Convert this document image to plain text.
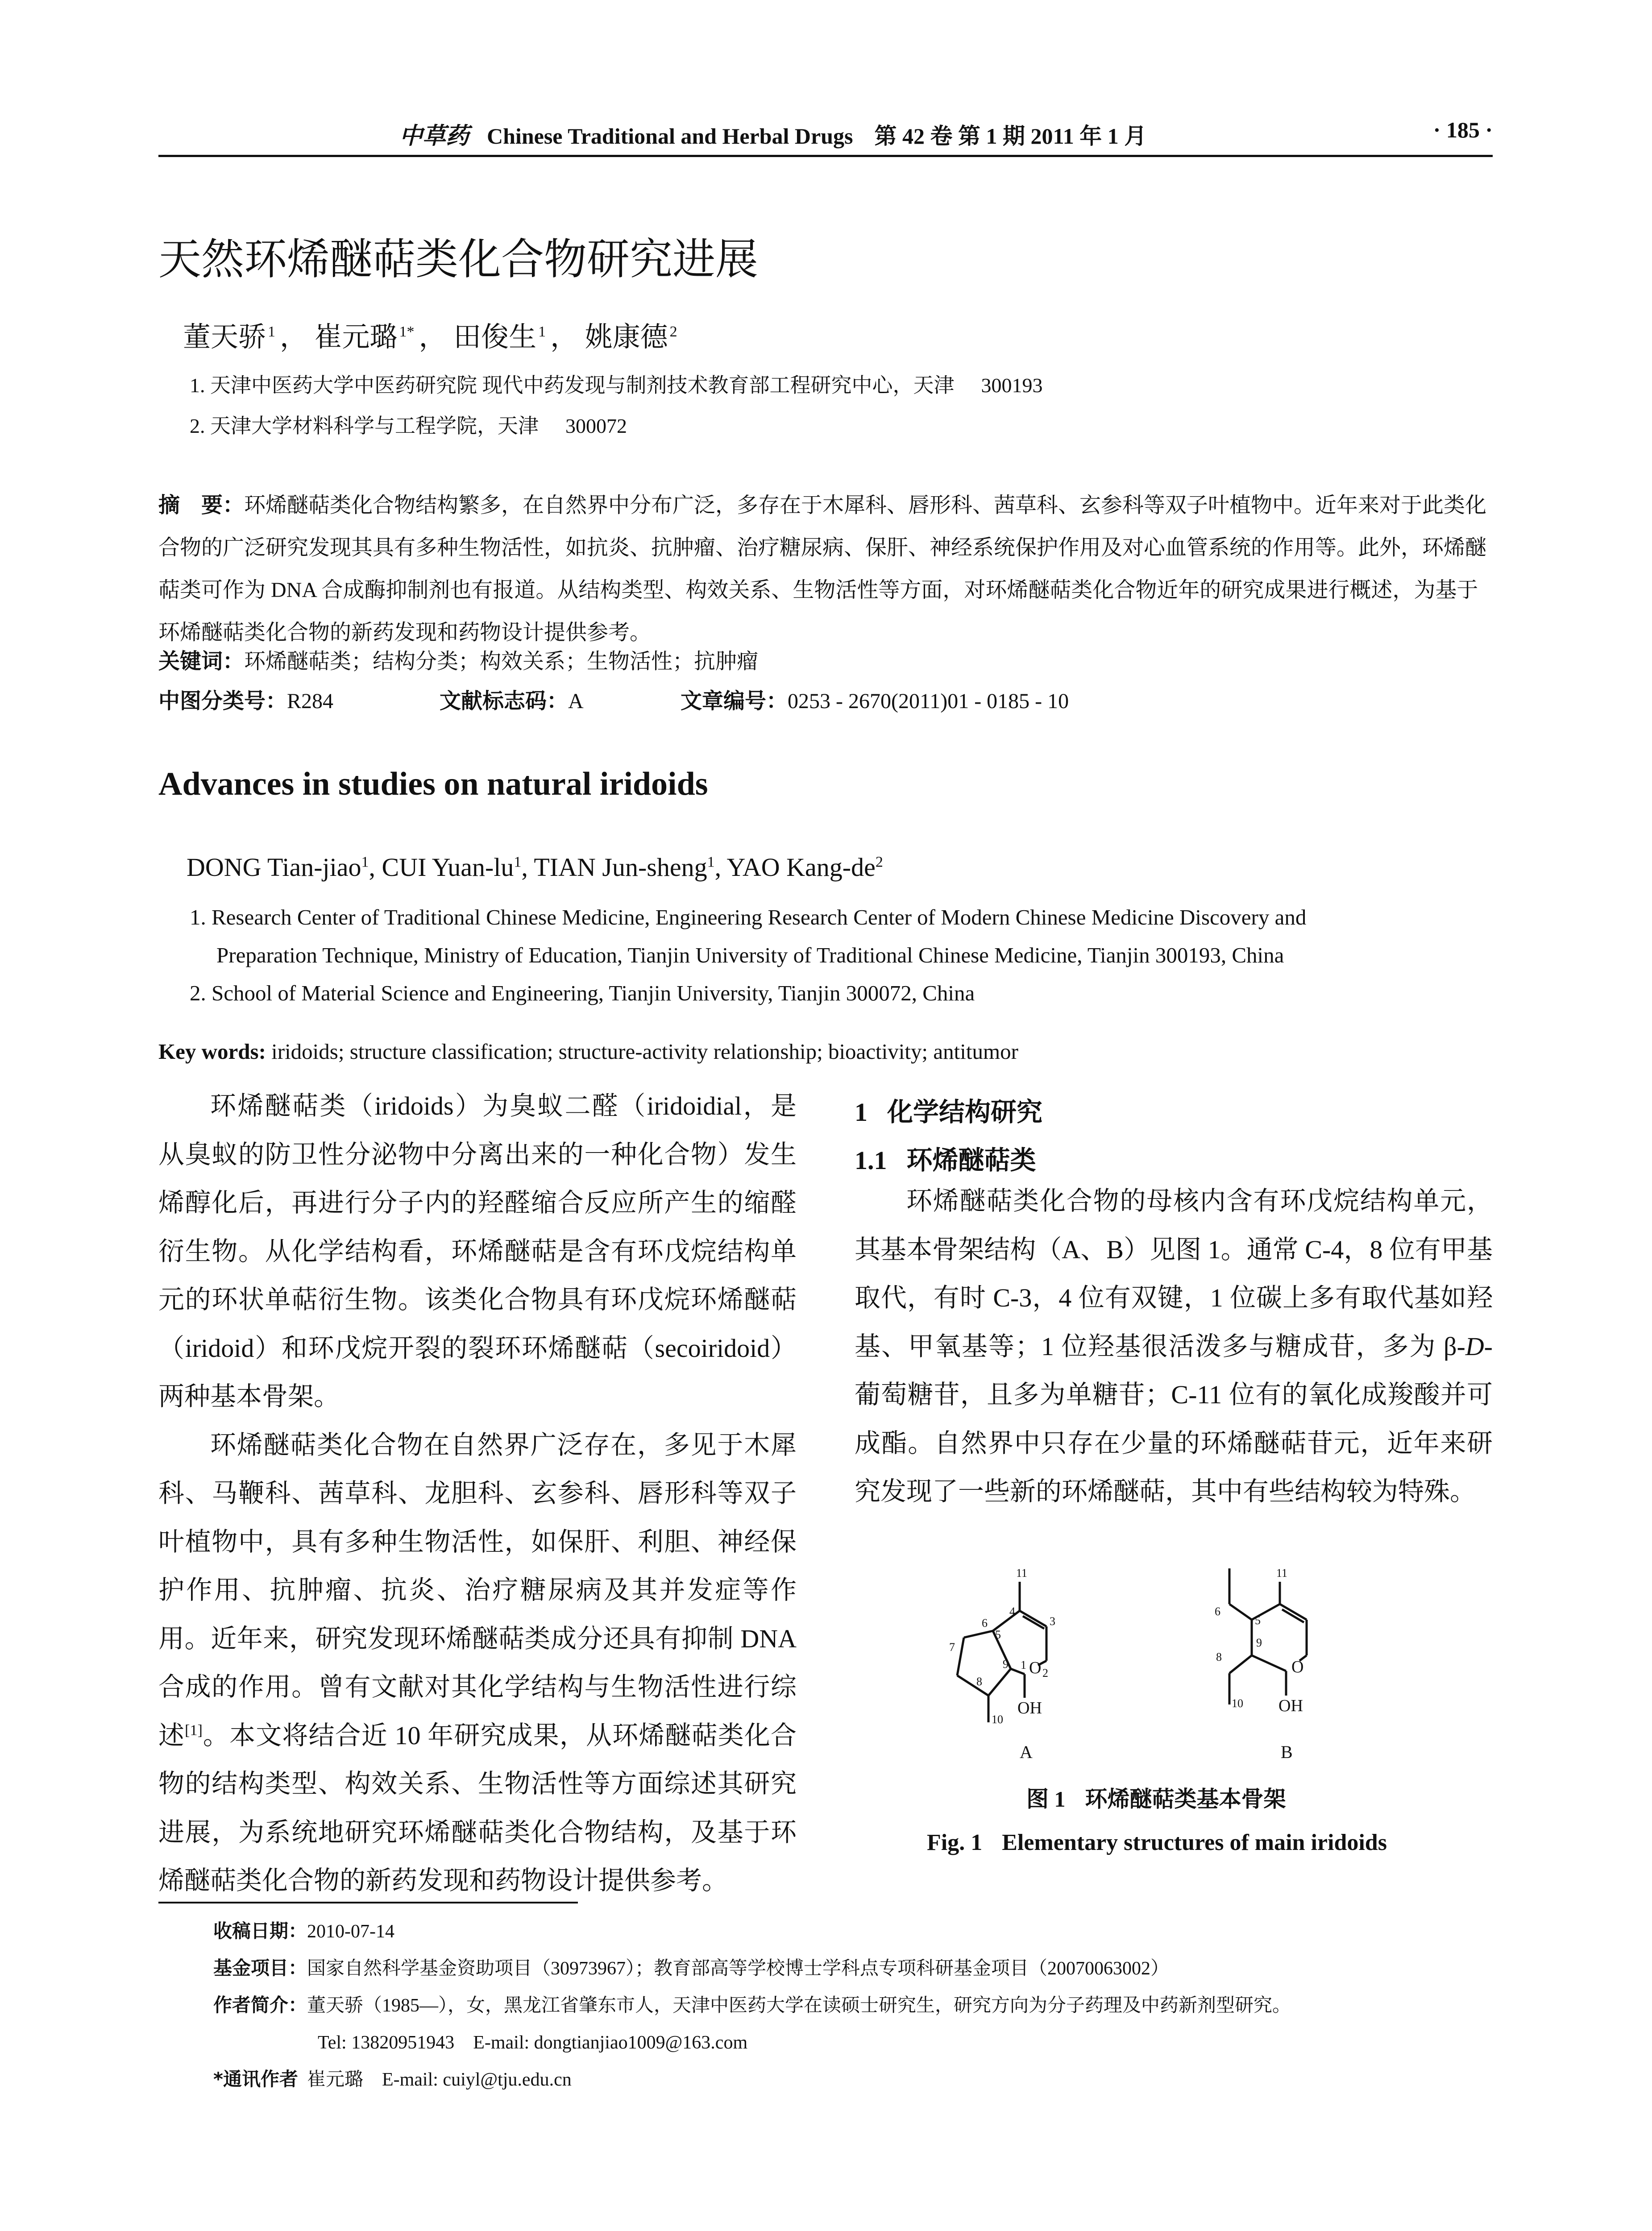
中草药 Chinese Traditional and Herbal Drugs 第 42 卷 第 1 期 2011 年 1 月	· 185 ·
天然环烯醚萜类化合物研究进展
董天骄 $^1$ ， 崔元璐 $^{1*}$ ， 田俊生 $^1$ ， 姚康德 $^2$
1. 天津中医药大学中医药研究院 现代中药发现与制剂技术教育部工程研究中心，天津 300193
2. 天津大学材料科学与工程学院，天津 300072
摘　要：环烯醚萜类化合物结构繁多，在自然界中分布广泛，多存在于木犀科、唇形科、茜草科、玄参科等双子叶植物中。近年来对于此类化合物的广泛研究发现其具有多种生物活性，如抗炎、抗肿瘤、治疗糖尿病、保肝、神经系统保护作用及对心血管系统的作用等。此外，环烯醚萜类可作为 DNA 合成酶抑制剂也有报道。从结构类型、构效关系、生物活性等方面，对环烯醚萜类化合物近年的研究成果进行概述，为基于环烯醚萜类化合物的新药发现和药物设计提供参考。
关键词：环烯醚萜类；结构分类；构效关系；生物活性；抗肿瘤
中图分类号：R284	文献标志码：A	文章编号：0253 - 2670(2011)01 - 0185 - 10
Advances in studies on natural iridoids
DONG Tian-jiao$^1$, CUI Yuan-$lu^1$, TIAN Jun-sheng$^1$, YAO Kang-$de^2$
1. Research Center of Traditional Chinese Medicine, Engineering Research Center of Modern Chinese Medicine Discovery and
Preparation Technique, Ministry of Education, Tianjin University of Traditional Chinese Medicine, Tianjin 300193, China
2. School of Material Science and Engineering, Tianjin University, Tianjin 300072, China
Key words: iridoids; structure classification; structure-activity relationship; bioactivity; antitumor

环烯醚萜类（iridoids）为臭蚁二醛（iridoidial，是从臭蚁的防卫性分泌物中分离出来的一种化合物）发生烯醇化后，再进行分子内的羟醛缩合反应所产生的缩醛衍生物。从化学结构看，环烯醚萜是含有环戊烷结构单元的环状单萜衍生物。该类化合物具有环戊烷环烯醚萜（iridoid）和环戊烷开裂的裂环环烯醚萜（secoiridoid）两种基本骨架。

环烯醚萜类化合物在自然界广泛存在，多见于木犀科、马鞭科、茜草科、龙胆科、玄参科、唇形科等双子叶植物中，具有多种生物活性，如保肝、利胆、神经保护作用、抗肿瘤、抗炎、治疗糖尿病及其并发症等作用。近年来，研究发现环烯醚萜类成分还具有抑制 DNA 合成的作用。曾有文献对其化学结构与生物活性进行综述[1]。本文将结合近 10 年研究成果，从环烯醚萜类化合物的结构类型、构效关系、生物活性等方面综述其研究进展，为系统地研究环烯醚萜类化合物结构，及基于环烯醚萜类化合物的新药发现和药物设计提供参考。

1 化学结构研究
1.1 环烯醚萜类

环烯醚萜类化合物的母核内含有环戊烷结构单元，其基本骨架结构（A、B）见图 1。通常 C-4，8 位有甲基取代，有时 C-3，4 位有双键，1 位碳上多有取代基如羟基、甲氧基等；1 位羟基很活泼多与糖成苷，多为 β-D-葡萄糖苷，且多为单糖苷；C-11 位有的氧化成羧酸并可成酯。自然界中只存在少量的环烯醚萜苷元，近年来研究发现了一些新的环烯醚萜，其中有些结构较为特殊。

11
6
4
5
3
7
9
8
1 O 2
10
OH
A
11
6
5
8
9
O
10 OH
B
图 1 环烯醚萜类基本骨架
Fig. 1 Elementary structures of main iridoids
收稿日期：2010-07-14
基金项目：国家自然科学基金资助项目（30973967）；教育部高等学校博士学科点专项科研基金项目（20070063002）
作者简介：董天骄（1985—），女，黑龙江省肇东市人，天津中医药大学在读硕士研究生，研究方向为分子药理及中药新剂型研究。
Tel: 13820951943　E-mail: dongtianjiao1009@163.com
*通讯作者 崔元璐　E-mail: cuiyl@tju.edu.cn
